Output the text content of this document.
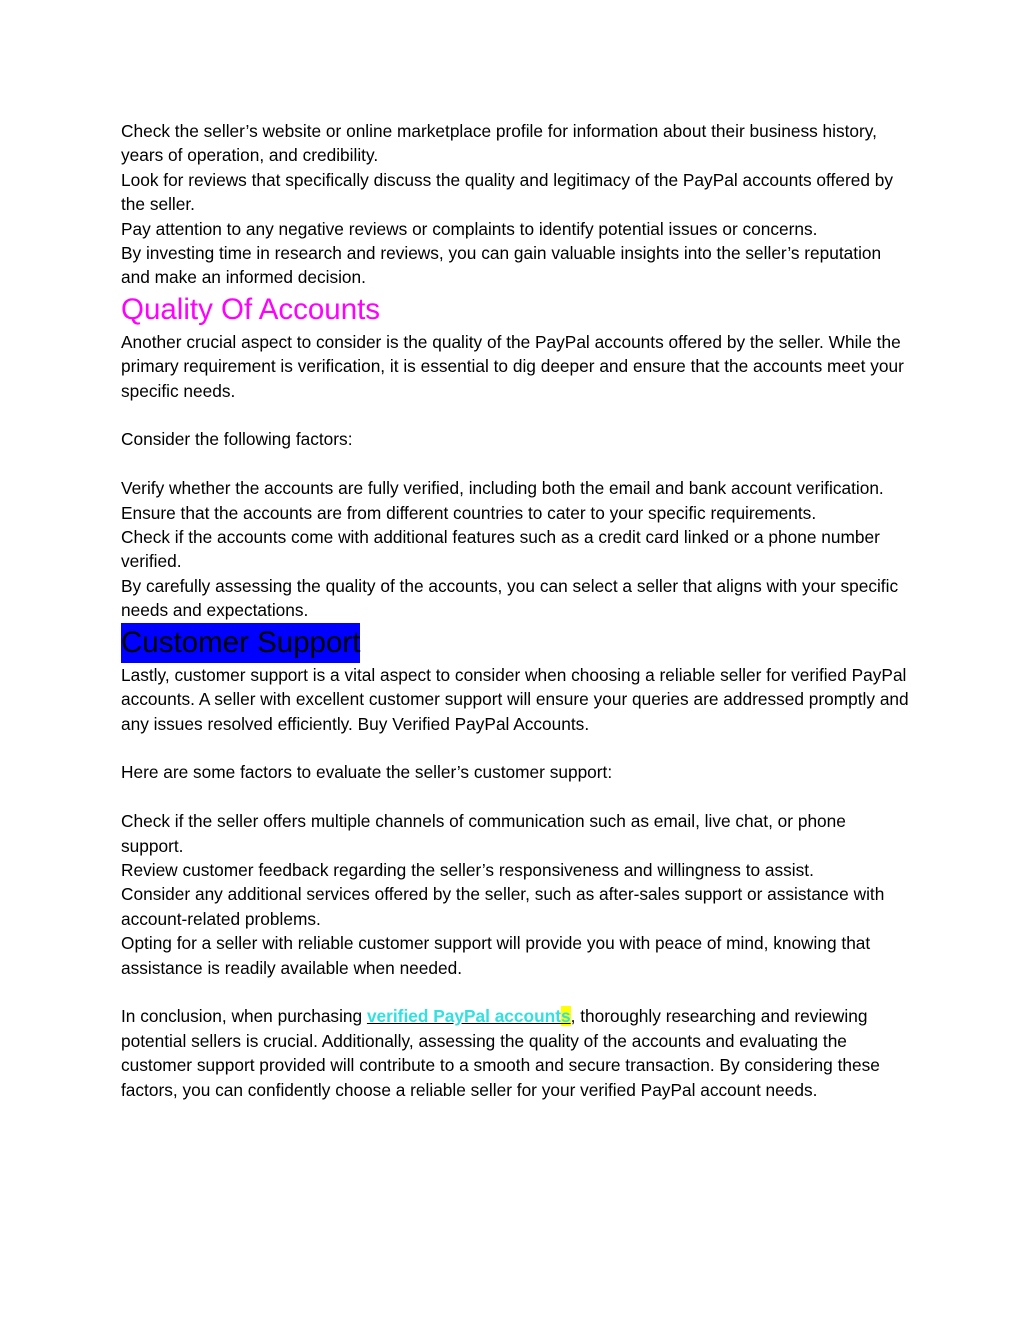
Check the seller’s website or online marketplace profile for information about their business history, years of operation, and credibility.

Look for reviews that specifically discuss the quality and legitimacy of the PayPal accounts offered by the seller.

Pay attention to any negative reviews or complaints to identify potential issues or concerns.

By investing time in research and reviews, you can gain valuable insights into the seller’s reputation and make an informed decision.

Quality Of Accounts

Another crucial aspect to consider is the quality of the PayPal accounts offered by the seller. While the primary requirement is verification, it is essential to dig deeper and ensure that the accounts meet your specific needs.

Consider the following factors:

Verify whether the accounts are fully verified, including both the email and bank account verification.

Ensure that the accounts are from different countries to cater to your specific requirements.

Check if the accounts come with additional features such as a credit card linked or a phone number verified.

By carefully assessing the quality of the accounts, you can select a seller that aligns with your specific needs and expectations.

Customer Support

Lastly, customer support is a vital aspect to consider when choosing a reliable seller for verified PayPal accounts. A seller with excellent customer support will ensure your queries are addressed promptly and any issues resolved efficiently. Buy Verified PayPal Accounts.

Here are some factors to evaluate the seller’s customer support:

Check if the seller offers multiple channels of communication such as email, live chat, or phone support.

Review customer feedback regarding the seller’s responsiveness and willingness to assist.

Consider any additional services offered by the seller, such as after-sales support or assistance with account-related problems.

Opting for a seller with reliable customer support will provide you with peace of mind, knowing that assistance is readily available when needed.

In conclusion, when purchasing verified PayPal accounts, thoroughly researching and reviewing potential sellers is crucial. Additionally, assessing the quality of the accounts and evaluating the customer support provided will contribute to a smooth and secure transaction. By considering these factors, you can confidently choose a reliable seller for your verified PayPal account needs.
